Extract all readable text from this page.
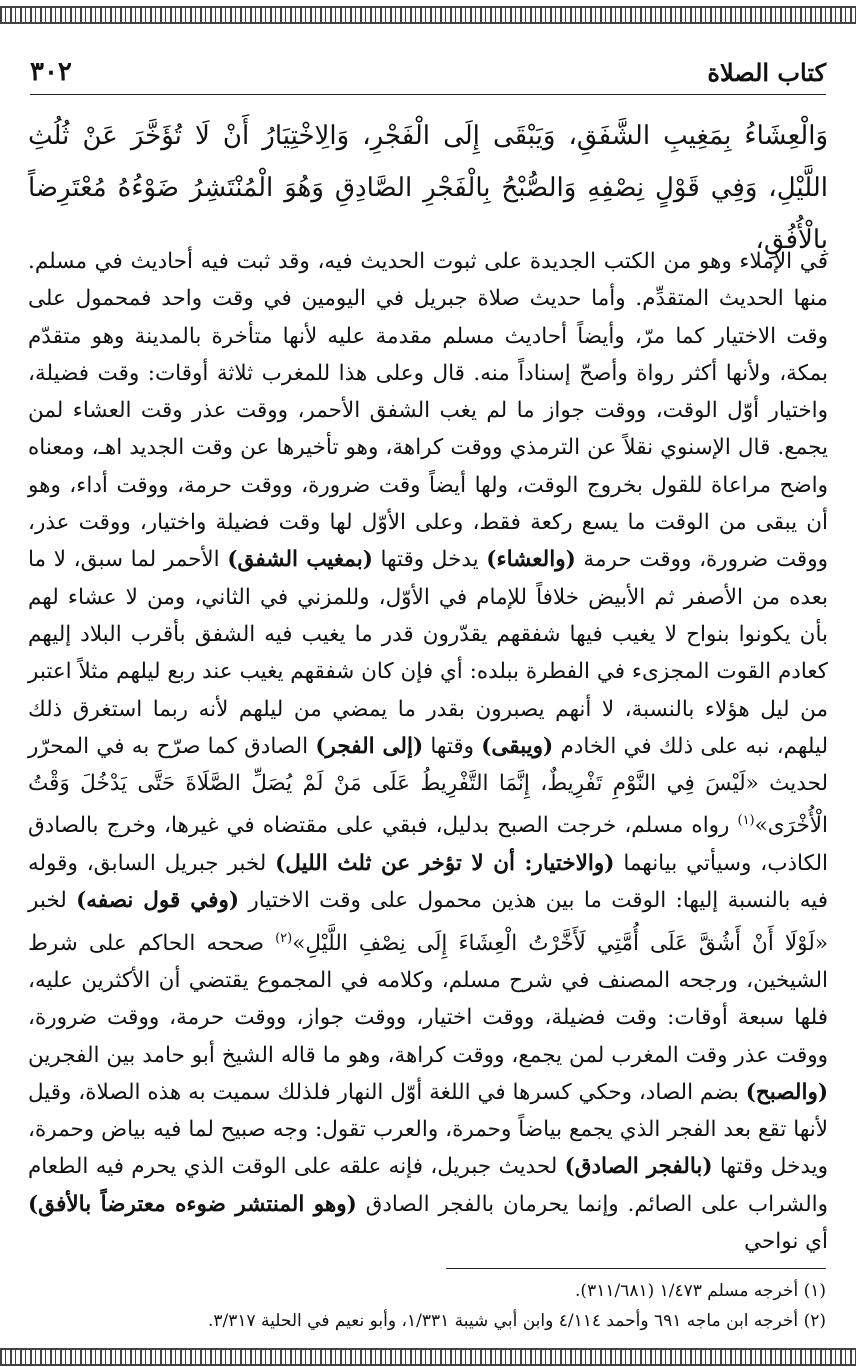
كتاب الصلاة
٣٠٢

وَالْعِشَاءُ بِمَغِيبِ الشَّفَقِ، وَيَبْقَى إِلَى الْفَجْرِ، وَالِاخْتِيَارُ أَنْ لَا تُؤَخَّرَ عَنْ ثُلُثِ اللَّيْلِ، وَفِي قَوْلٍ نِصْفِهِ وَالصُّبْحُ بِالْفَجْرِ الصَّادِقِ وَهُوَ الْمُنْتَشِرُ ضَوْءُهُ مُعْتَرِضاً بِالْأُفُقِ،

في الإملاء وهو من الكتب الجديدة على ثبوت الحديث فيه، وقد ثبت فيه أحاديث في مسلم. منها الحديث المتقدِّم. وأما حديث صلاة جبريل في اليومين في وقت واحد فمحمول على وقت الاختيار كما مرّ، وأيضاً أحاديث مسلم مقدمة عليه لأنها متأخرة بالمدينة وهو متقدّم بمكة، ولأنها أكثر رواة وأصحّ إسناداً منه. قال وعلى هذا للمغرب ثلاثة أوقات: وقت فضيلة، واختيار أوّل الوقت، ووقت جواز ما لم يغب الشفق الأحمر، ووقت عذر وقت العشاء لمن يجمع. قال الإسنوي نقلاً عن الترمذي ووقت كراهة، وهو تأخيرها عن وقت الجديد اهـ، ومعناه واضح مراعاة للقول بخروج الوقت، ولها أيضاً وقت ضرورة، ووقت حرمة، ووقت أداء، وهو أن يبقى من الوقت ما يسع ركعة فقط، وعلى الأوّل لها وقت فضيلة واختيار، ووقت عذر، ووقت ضرورة، ووقت حرمة (والعشاء) يدخل وقتها (بمغيب الشفق) الأحمر لما سبق، لا ما بعده من الأصفر ثم الأبيض خلافاً للإمام في الأوّل، وللمزني في الثاني، ومن لا عشاء لهم بأن يكونوا بنواح لا يغيب فيها شفقهم يقدّرون قدر ما يغيب فيه الشفق بأقرب البلاد إليهم كعادم القوت المجزىء في الفطرة ببلده: أي فإن كان شفقهم يغيب عند ربع ليلهم مثلاً اعتبر من ليل هؤلاء بالنسبة، لا أنهم يصبرون بقدر ما يمضي من ليلهم لأنه ربما استغرق ذلك ليلهم، نبه على ذلك في الخادم (ويبقى) وقتها (إلى الفجر) الصادق كما صرّح به في المحرّر لحديث «لَيْسَ فِي النَّوْمِ تَفْرِيطٌ، إِنَّمَا التَّفْرِيطُ عَلَى مَنْ لَمْ يُصَلِّ الصَّلَاةَ حَتَّى يَدْخُلَ وَقْتُ الْأُخْرَى»$^{(١)}$ رواه مسلم، خرجت الصبح بدليل، فبقي على مقتضاه في غيرها، وخرج بالصادق الكاذب، وسيأتي بيانهما (والاختيار: أن لا تؤخر عن ثلث الليل) لخبر جبريل السابق، وقوله فيه بالنسبة إليها: الوقت ما بين هذين محمول على وقت الاختيار (وفي قول نصفه) لخبر «لَوْلَا أَنْ أَشُقَّ عَلَى أُمَّتِي لَأَخَّرْتُ الْعِشَاءَ إِلَى نِصْفِ اللَّيْلِ»$^{(٢)}$ صححه الحاكم على شرط الشيخين، ورجحه المصنف في شرح مسلم، وكلامه في المجموع يقتضي أن الأكثرين عليه، فلها سبعة أوقات: وقت فضيلة، ووقت اختيار، ووقت جواز، ووقت حرمة، ووقت ضرورة، ووقت عذر وقت المغرب لمن يجمع، ووقت كراهة، وهو ما قاله الشيخ أبو حامد بين الفجرين (والصبح) بضم الصاد، وحكي كسرها في اللغة أوّل النهار فلذلك سميت به هذه الصلاة، وقيل لأنها تقع بعد الفجر الذي يجمع بياضاً وحمرة، والعرب تقول: وجه صبيح لما فيه بياض وحمرة، ويدخل وقتها (بالفجر الصادق) لحديث جبريل، فإنه علقه على الوقت الذي يحرم فيه الطعام والشراب على الصائم. وإنما يحرمان بالفجر الصادق (وهو المنتشر ضوءه معترضاً بالأفق) أي نواحي

(١) أخرجه مسلم ١/٤٧٣ (٣١١/٦٨١).
(٢) أخرجه ابن ماجه ٦٩١ وأحمد ٤/١١٤ وابن أبي شيبة ١/٣٣١، وأبو نعيم في الحلية ٣/٣١٧.
